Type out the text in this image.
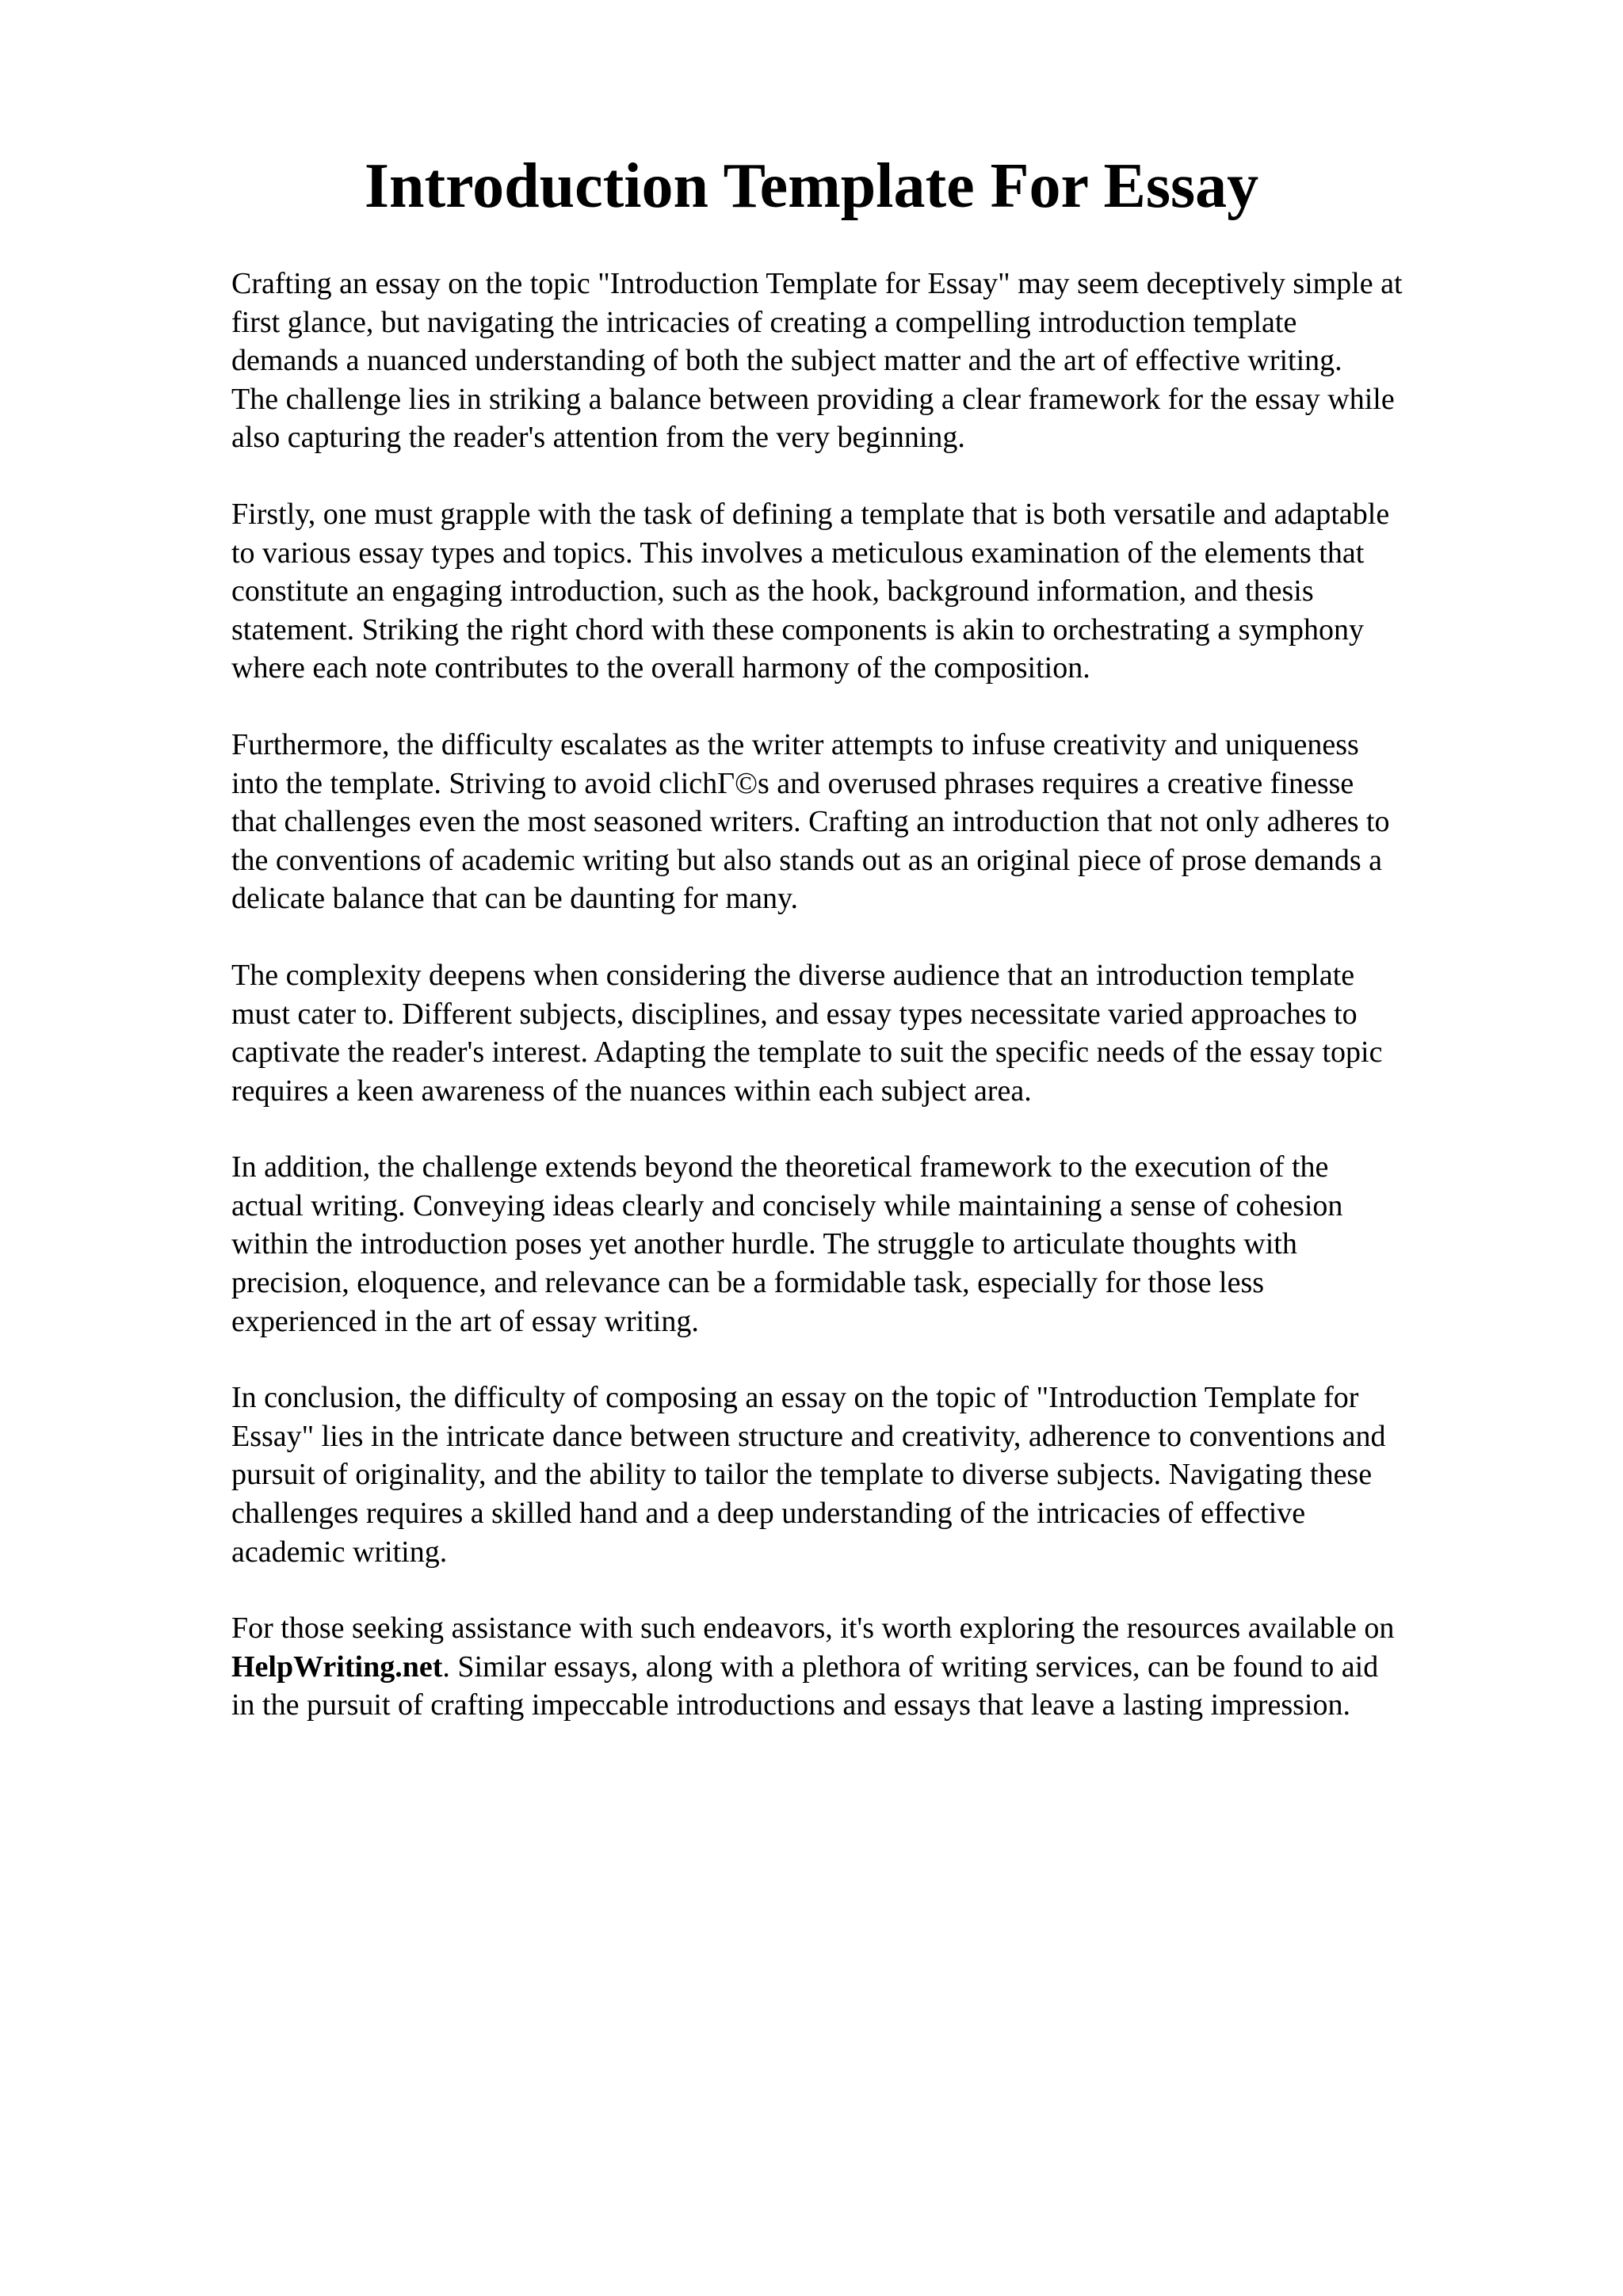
Introduction Template For Essay

Crafting an essay on the topic "Introduction Template for Essay" may seem deceptively simple at
first glance, but navigating the intricacies of creating a compelling introduction template
demands a nuanced understanding of both the subject matter and the art of effective writing.
The challenge lies in striking a balance between providing a clear framework for the essay while
also capturing the reader's attention from the very beginning.

Firstly, one must grapple with the task of defining a template that is both versatile and adaptable
to various essay types and topics. This involves a meticulous examination of the elements that
constitute an engaging introduction, such as the hook, background information, and thesis
statement. Striking the right chord with these components is akin to orchestrating a symphony
where each note contributes to the overall harmony of the composition.

Furthermore, the difficulty escalates as the writer attempts to infuse creativity and uniqueness
into the template. Striving to avoid clichГ©s and overused phrases requires a creative finesse
that challenges even the most seasoned writers. Crafting an introduction that not only adheres to
the conventions of academic writing but also stands out as an original piece of prose demands a
delicate balance that can be daunting for many.

The complexity deepens when considering the diverse audience that an introduction template
must cater to. Different subjects, disciplines, and essay types necessitate varied approaches to
captivate the reader's interest. Adapting the template to suit the specific needs of the essay topic
requires a keen awareness of the nuances within each subject area.

In addition, the challenge extends beyond the theoretical framework to the execution of the
actual writing. Conveying ideas clearly and concisely while maintaining a sense of cohesion
within the introduction poses yet another hurdle. The struggle to articulate thoughts with
precision, eloquence, and relevance can be a formidable task, especially for those less
experienced in the art of essay writing.

In conclusion, the difficulty of composing an essay on the topic of "Introduction Template for
Essay" lies in the intricate dance between structure and creativity, adherence to conventions and
pursuit of originality, and the ability to tailor the template to diverse subjects. Navigating these
challenges requires a skilled hand and a deep understanding of the intricacies of effective
academic writing.

For those seeking assistance with such endeavors, it's worth exploring the resources available on
HelpWriting.net. Similar essays, along with a plethora of writing services, can be found to aid
in the pursuit of crafting impeccable introductions and essays that leave a lasting impression.
